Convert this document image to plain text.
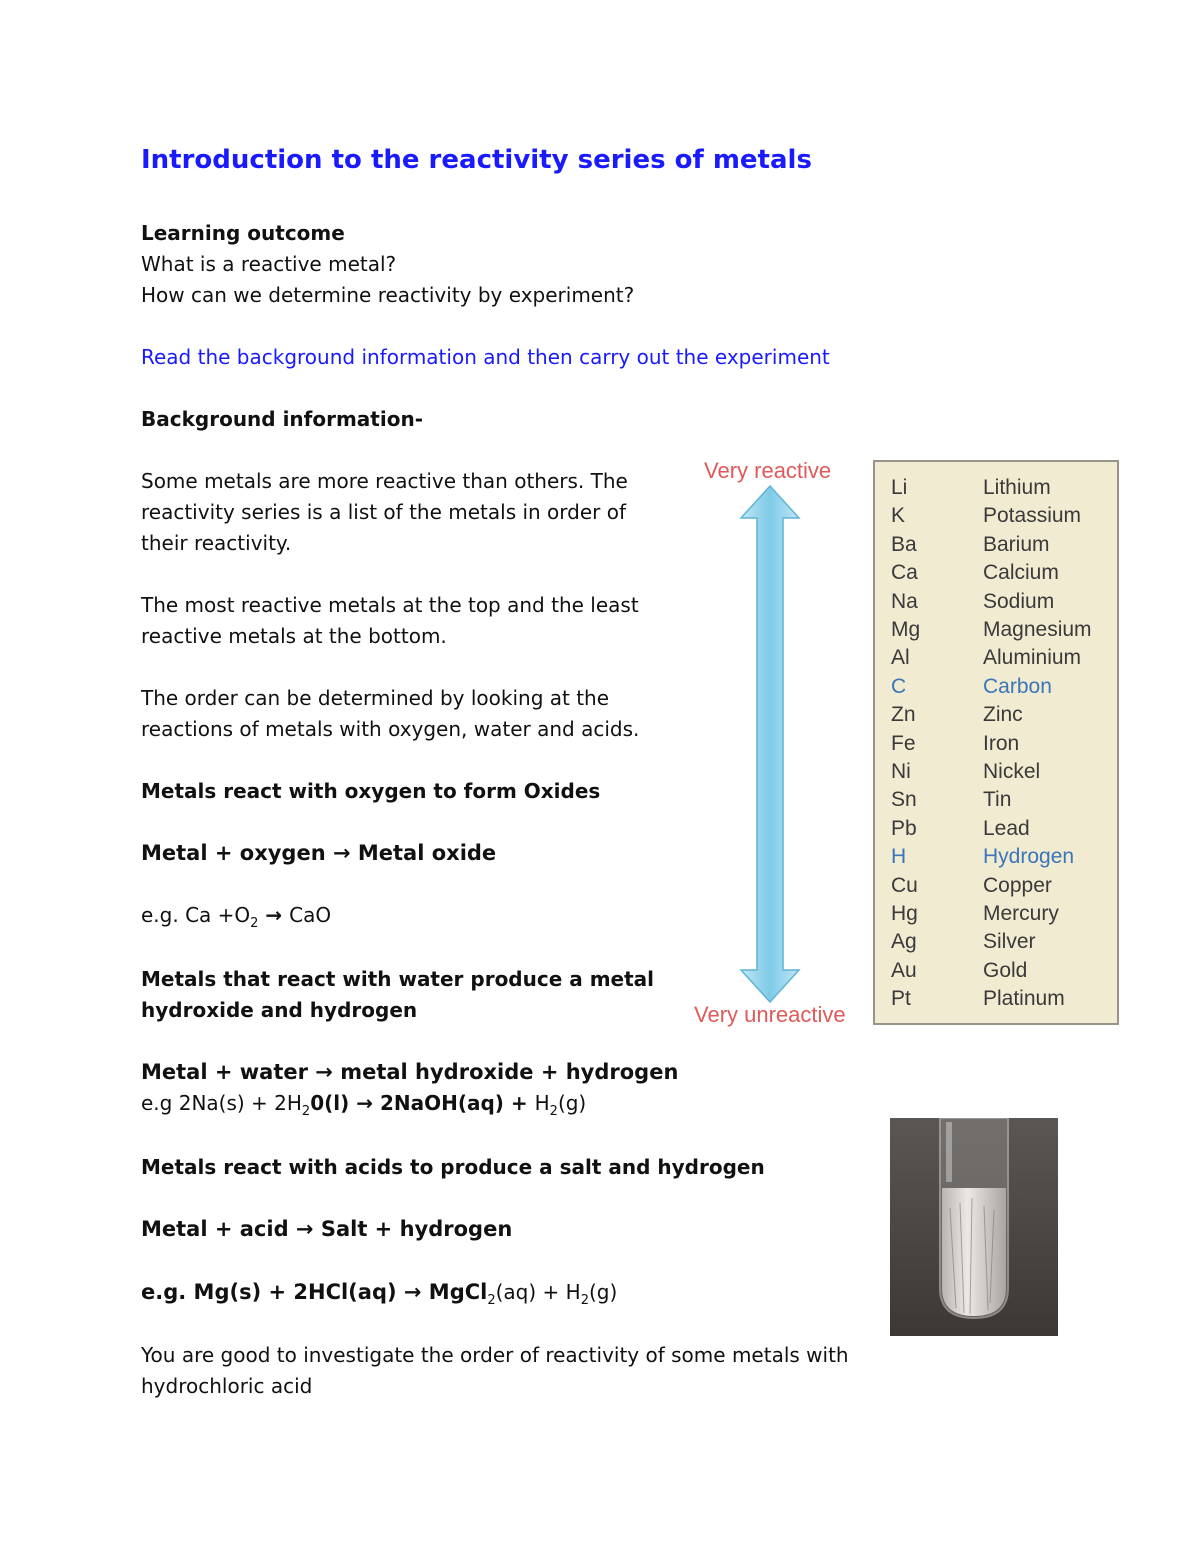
Introduction to the reactivity series of metals
Learning outcome
What is a reactive metal?
How can we determine reactivity by experiment?
Read the background information and then carry out the experiment
Background information-
Some metals are more reactive than others. The
reactivity series is a list of the metals in order of
their reactivity.
The most reactive metals at the top and the least
reactive metals at the bottom.
The order can be determined by looking at the
reactions of metals with oxygen, water and acids.
Metals react with oxygen to form Oxides
Metal + oxygen → Metal oxide
e.g. $Ca +O_2$ → CaO
Metals that react with water produce a metal
hydroxide and hydrogen
Metal + water → metal hydroxide + hydrogen
e.g $2Na(s) + 2H_20(l)$ → 2NaOH(aq) + $H_2(g)$
Metals react with acids to produce a salt and hydrogen
Metal + acid → Salt + hydrogen
e.g. Mg(s) + 2HCl(aq) → MgCl$_2$(aq) + $H_2(g)$
You are good to investigate the order of reactivity of some metals with
hydrochloric acid
Very reactive
Very unreactive
Li	Lithium
K	Potassium
Ba	Barium
Ca	Calcium
Na	Sodium
Mg	Magnesium
Al	Aluminium
C	Carbon
Zn	Zinc
Fe	Iron
Ni	Nickel
Sn	Tin
Pb	Lead
H	Hydrogen
Cu	Copper
Hg	Mercury
Ag	Silver
Au	Gold
Pt	Platinum
